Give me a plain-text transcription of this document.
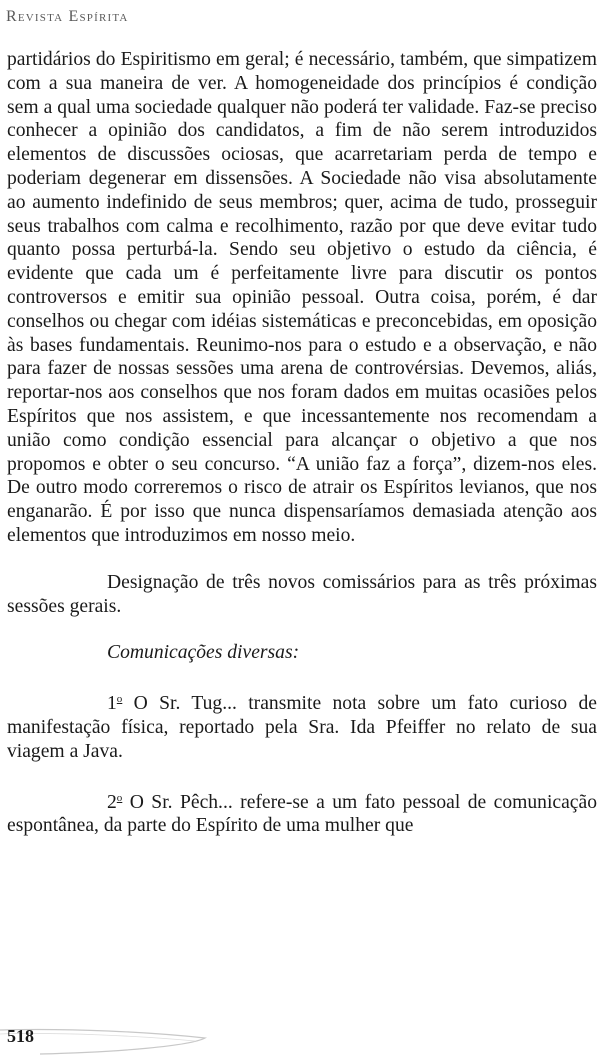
Revista Espírita

partidários do Espiritismo em geral; é necessário, também, que simpatizem com a sua maneira de ver. A homogeneidade dos princípios é condição sem a qual uma sociedade qualquer não poderá ter validade. Faz-se preciso conhecer a opinião dos candidatos, a fim de não serem introduzidos elementos de discussões ociosas, que acarretariam perda de tempo e poderiam degenerar em dissensões. A Sociedade não visa absolutamente ao aumento indefinido de seus membros; quer, acima de tudo, prosseguir seus trabalhos com calma e recolhimento, razão por que deve evitar tudo quanto possa perturbá-la. Sendo seu objetivo o estudo da ciência, é evidente que cada um é perfeitamente livre para discutir os pontos controversos e emitir sua opinião pessoal. Outra coisa, porém, é dar conselhos ou chegar com idéias sistemáticas e preconcebidas, em oposição às bases fundamentais. Reunimo-nos para o estudo e a observação, e não para fazer de nossas sessões uma arena de controvérsias. Devemos, aliás, reportar-nos aos conselhos que nos foram dados em muitas ocasiões pelos Espíritos que nos assistem, e que incessantemente nos recomendam a união como condição essencial para alcançar o objetivo a que nos propomos e obter o seu concurso. “A união faz a força”, dizem-nos eles. De outro modo correremos o risco de atrair os Espíritos levianos, que nos enganarão. É por isso que nunca dispensaríamos demasiada atenção aos elementos que introduzimos em nosso meio.

Designação de três novos comissários para as três próximas sessões gerais.

Comunicações diversas:

1$^o$ O Sr. Tug... transmite nota sobre um fato curioso de manifestação física, reportado pela Sra. Ida Pfeiffer no relato de sua viagem a Java.

2$^o$ O Sr. Pêch... refere-se a um fato pessoal de comunicação espontânea, da parte do Espírito de uma mulher que

518
